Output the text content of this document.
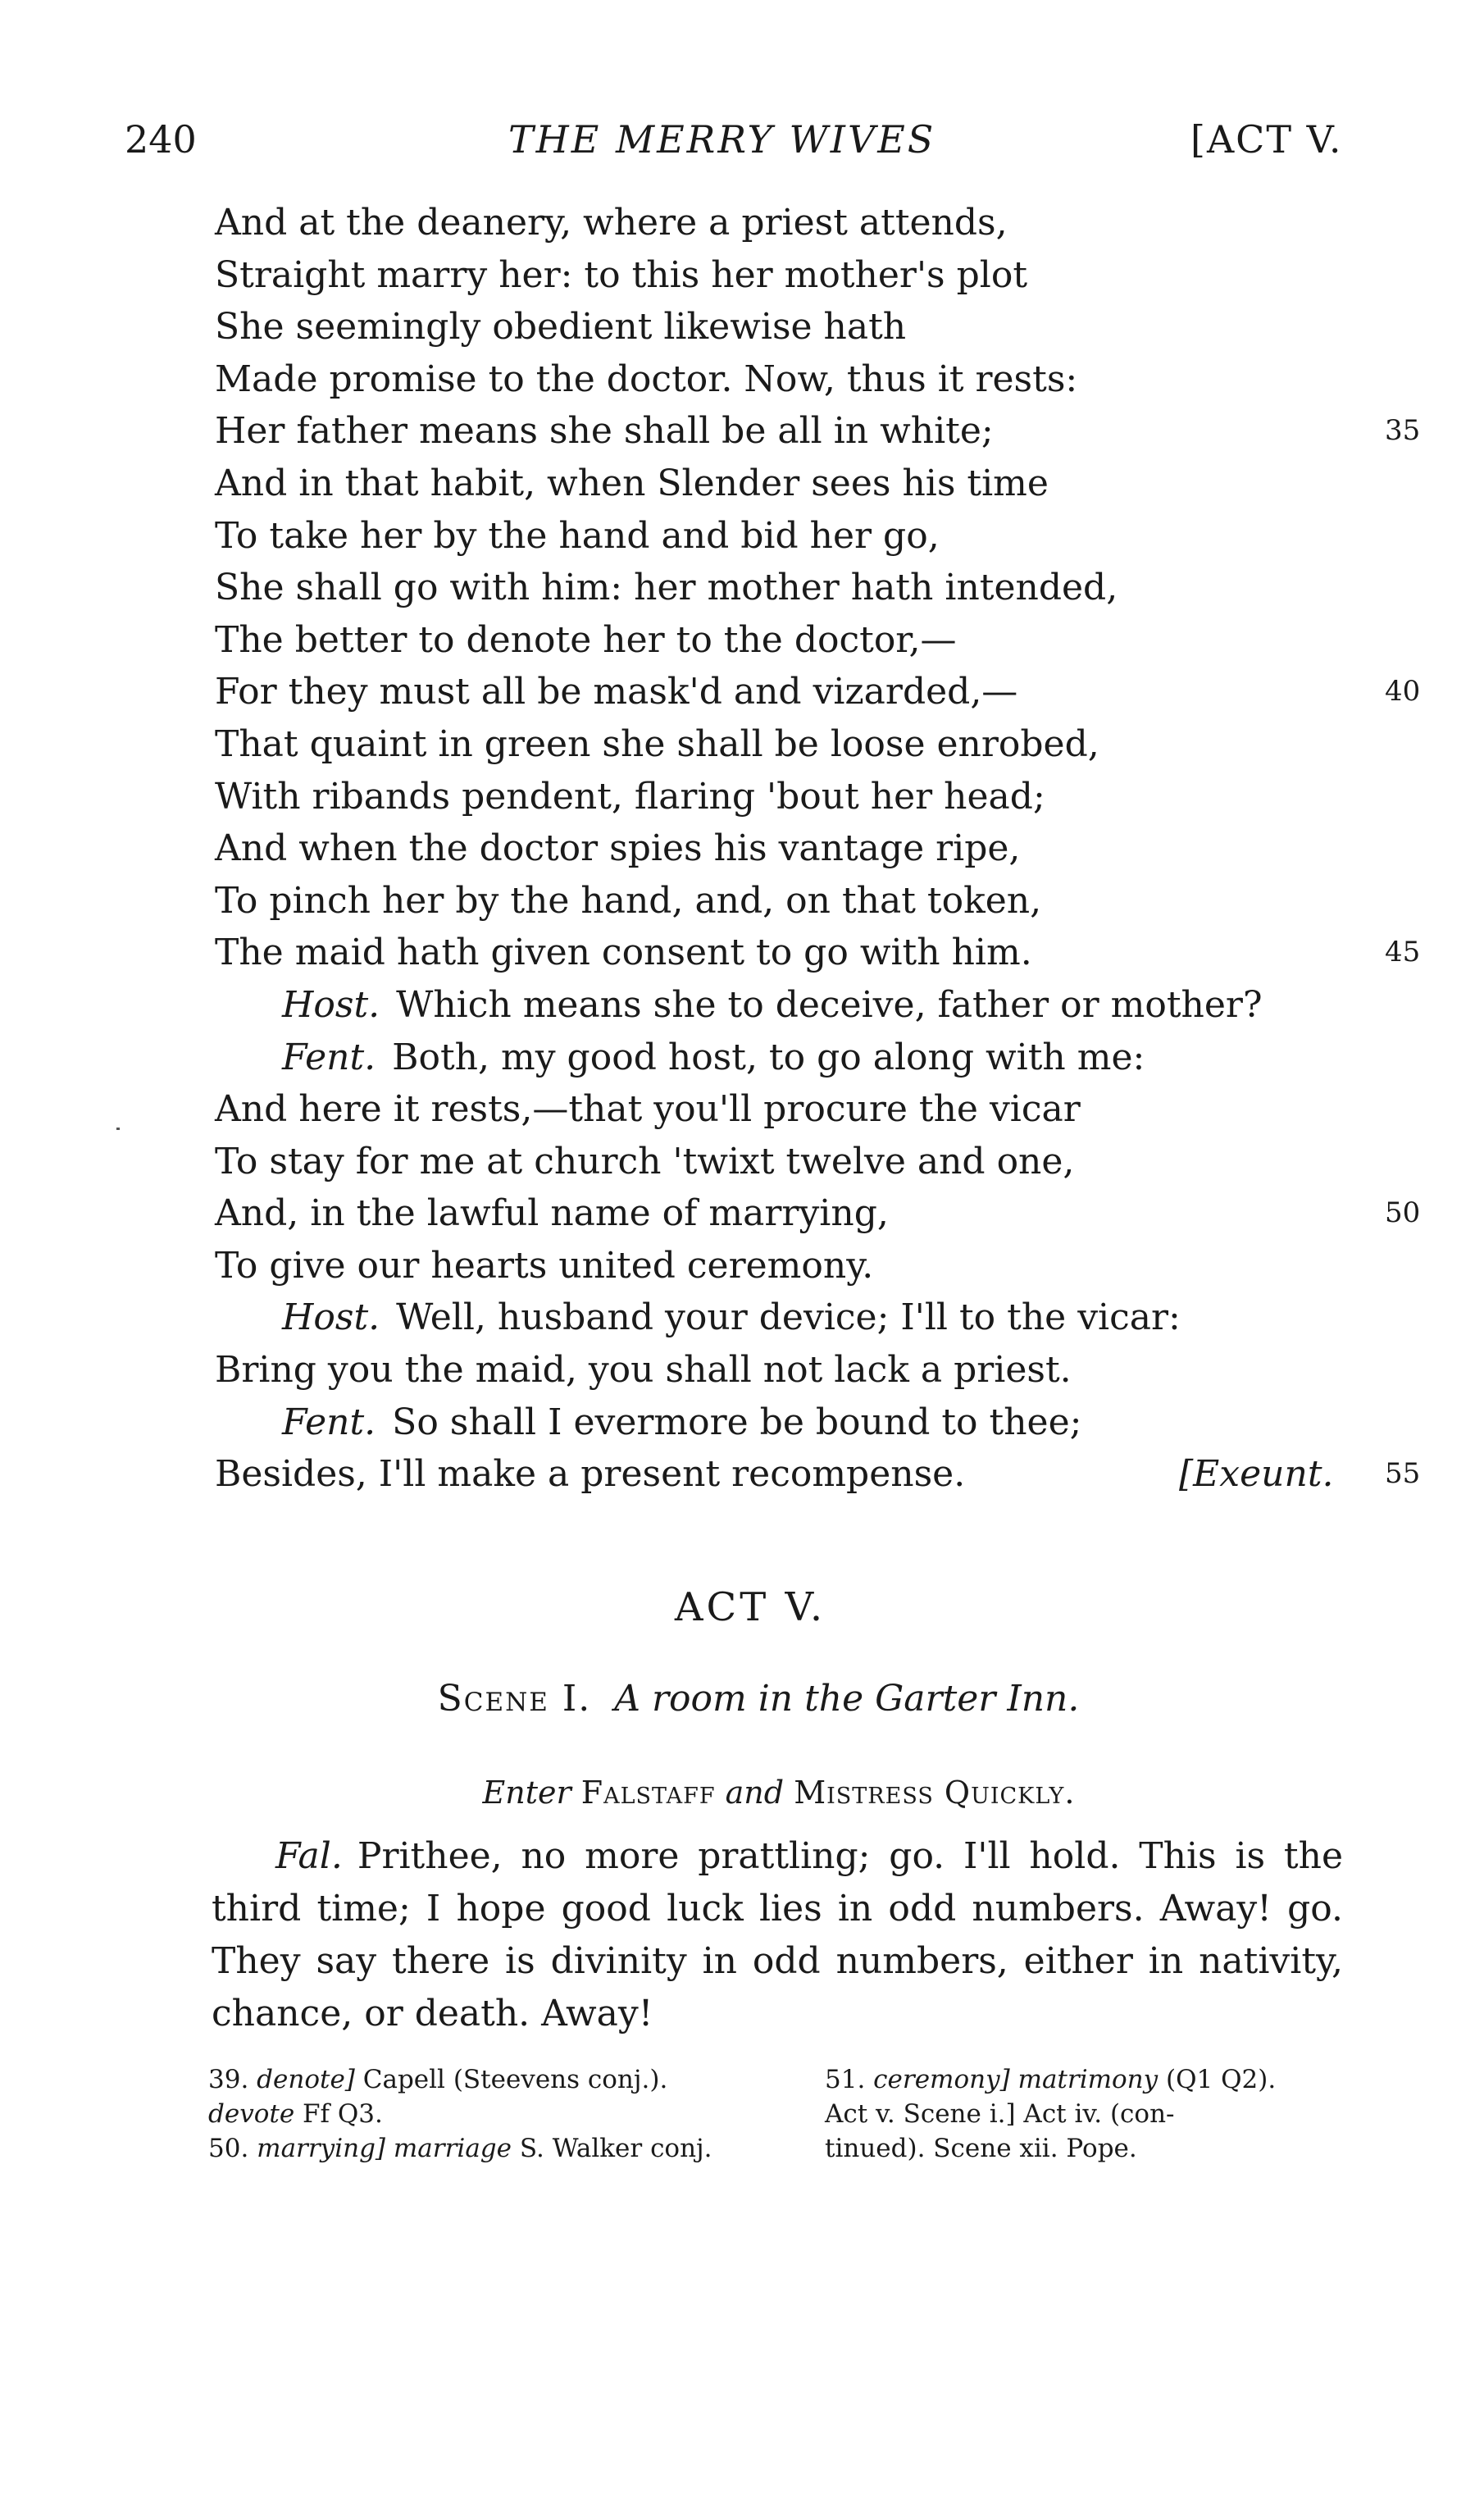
240	THE MERRY WIVES	[ACT V.
And at the deanery, where a priest attends,
Straight marry her: to this her mother's plot
She seemingly obedient likewise hath
Made promise to the doctor. Now, thus it rests:
Her father means she shall be all in white;	35
And in that habit, when Slender sees his time
To take her by the hand and bid her go,
She shall go with him: her mother hath intended,
The better to denote her to the doctor,—
For they must all be mask'd and vizarded,—	40
That quaint in green she shall be loose enrobed,
With ribands pendent, flaring 'bout her head;
And when the doctor spies his vantage ripe,
To pinch her by the hand, and, on that token,
The maid hath given consent to go with him.	45
Host. Which means she to deceive, father or mother?
Fent. Both, my good host, to go along with me:
And here it rests,—that you'll procure the vicar
To stay for me at church 'twixt twelve and one,
And, in the lawful name of marrying,	50
To give our hearts united ceremony.
Host. Well, husband your device; I'll to the vicar:
Bring you the maid, you shall not lack a priest.
Fent. So shall I evermore be bound to thee;
Besides, I'll make a present recompense.	[Exeunt. 55
ACT V.
Scene I. A room in the Garter Inn.
Enter Falstaff and Mistress Quickly.
Fal. Prithee, no more prattling; go. I'll hold. This is the third time; I hope good luck lies in odd numbers. Away! go. They say there is divinity in odd numbers, either in nativity, chance, or death. Away!

39. denote] Capell (Steevens conj.).
devote Ff Q3.

50. marrying] marriage S. Walker conj.

51. ceremony] matrimony (Q1 Q2).

Act v. Scene i.] Act iv. (con-
tinued). Scene xii. Pope.
